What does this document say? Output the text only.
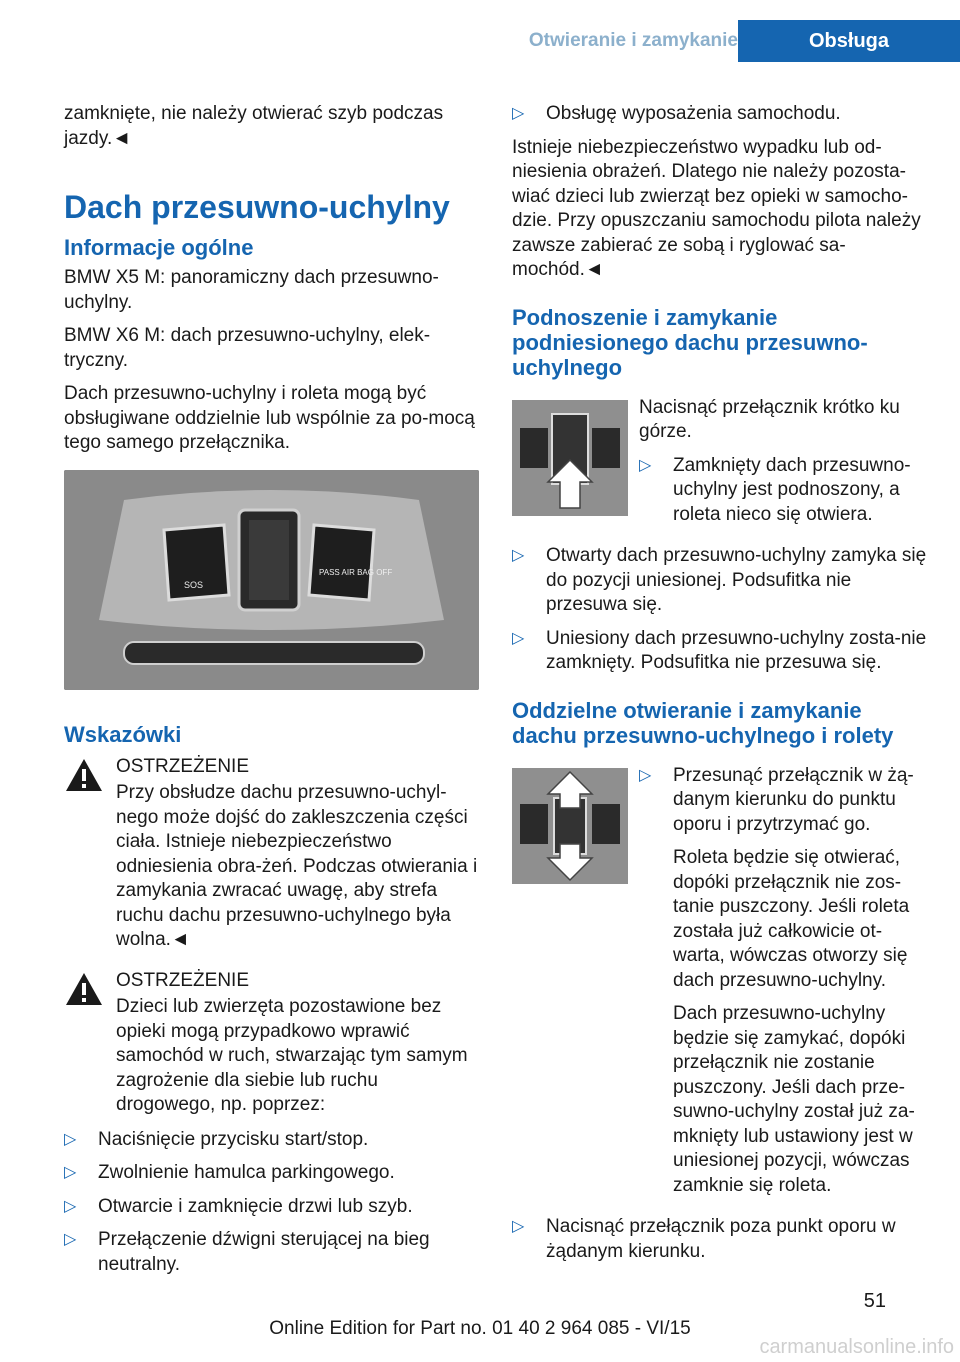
Otwieranie i zamykanie	Obsługa

zamknięte, nie należy otwierać szyb podczas jazdy.◄

Dach przesuwno-uchylny
Informacje ogólne

BMW X5 M: panoramiczny dach przesuwno-uchylny.

BMW X6 M: dach przesuwno-uchylny, elek-tryczny.

Dach przesuwno-uchylny i roleta mogą być obsługiwane oddzielnie lub wspólnie za po-mocą tego samego przełącznika.

SOS
PASS AIR BAG OFF
Wskazówki
OSTRZEŻENIE
Przy obsłudze dachu przesuwno-uchyl-nego może dojść do zakleszczenia części ciała. Istnieje niebezpieczeństwo odniesienia obra-żeń. Podczas otwierania i zamykania zwracać uwagę, aby strefa ruchu dachu przesuwno-uchylnego była wolna.◄
OSTRZEŻENIE
Dzieci lub zwierzęta pozostawione bez opieki mogą przypadkowo wprawić samochód w ruch, stwarzając tym samym zagrożenie dla siebie lub ruchu drogowego, np. poprzez:
▷	Naciśnięcie przycisku start/stop.
▷	Zwolnienie hamulca parkingowego.
▷	Otwarcie i zamknięcie drzwi lub szyb.
▷	Przełączenie dźwigni sterującej na bieg neutralny.
▷	Obsługę wyposażenia samochodu.

Istnieje niebezpieczeństwo wypadku lub od-niesienia obrażeń. Dlatego nie należy pozosta-wiać dzieci lub zwierząt bez opieki w samocho-dzie. Przy opuszczaniu samochodu pilota należy zawsze zabierać ze sobą i ryglować sa-mochód.◄

Podnoszenie i zamykanie podniesionego dachu przesuwno-uchylnego

Nacisnąć przełącznik krótko ku górze.

▷	Zamknięty dach przesuwno-uchylny jest podnoszony, a roleta nieco się otwiera.
▷	Otwarty dach przesuwno-uchylny zamyka się do pozycji uniesionej. Podsufitka nie przesuwa się.
▷	Uniesiony dach przesuwno-uchylny zosta-nie zamknięty. Podsufitka nie przesuwa się.
Oddzielne otwieranie i zamykanie dachu przesuwno-uchylnego i rolety
▷	Przesunąć przełącznik w żą-danym kierunku do punktu oporu i przytrzymać go.

Roleta będzie się otwierać, dopóki przełącznik nie zos-tanie puszczony. Jeśli roleta została już całkowicie ot-warta, wówczas otworzy się dach przesuwno-uchylny.

Dach przesuwno-uchylny będzie się zamykać, dopóki przełącznik nie zostanie puszczony. Jeśli dach prze-suwno-uchylny został już za-mknięty lub ustawiony jest w uniesionej pozycji, wówczas zamknie się roleta.

▷	Nacisnąć przełącznik poza punkt oporu w żądanym kierunku.
51
Online Edition for Part no. 01 40 2 964 085 - VI/15
carmanualsonline.info
